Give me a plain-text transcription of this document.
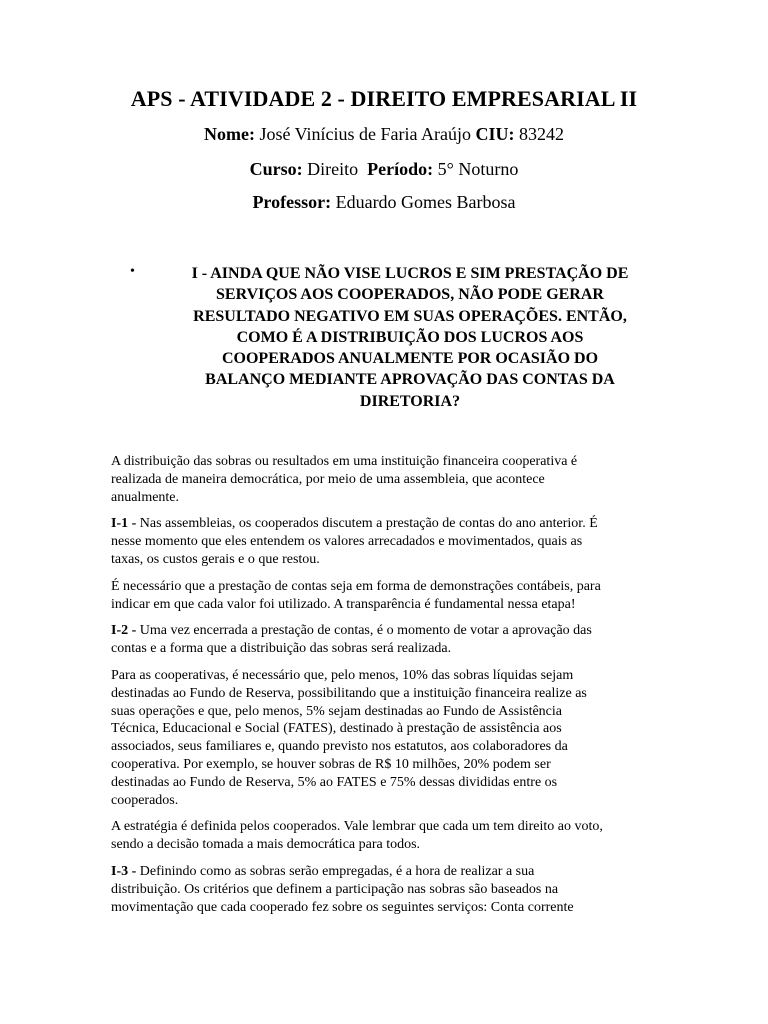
APS - ATIVIDADE 2 - DIREITO EMPRESARIAL II
Nome: José Vinícius de Faria Araújo CIU: 83242
Curso: Direito Período: 5° Noturno
Professor: Eduardo Gomes Barbosa
•	I - AINDA QUE NÃO VISE LUCROS E SIM PRESTAÇÃO DE
SERVIÇOS AOS COOPERADOS, NÃO PODE GERAR
RESULTADO NEGATIVO EM SUAS OPERAÇÕES. ENTÃO,
COMO É A DISTRIBUIÇÃO DOS LUCROS AOS
COOPERADOS ANUALMENTE POR OCASIÃO DO
BALANÇO MEDIANTE APROVAÇÃO DAS CONTAS DA
DIRETORIA?

A distribuição das sobras ou resultados em uma instituição financeira cooperativa é
realizada de maneira democrática, por meio de uma assembleia, que acontece
anualmente.

I-1 - Nas assembleias, os cooperados discutem a prestação de contas do ano anterior. É
nesse momento que eles entendem os valores arrecadados e movimentados, quais as
taxas, os custos gerais e o que restou.

É necessário que a prestação de contas seja em forma de demonstrações contábeis, para
indicar em que cada valor foi utilizado. A transparência é fundamental nessa etapa!

I-2 - Uma vez encerrada a prestação de contas, é o momento de votar a aprovação das
contas e a forma que a distribuição das sobras será realizada.

Para as cooperativas, é necessário que, pelo menos, 10% das sobras líquidas sejam
destinadas ao Fundo de Reserva, possibilitando que a instituição financeira realize as
suas operações e que, pelo menos, 5% sejam destinadas ao Fundo de Assistência
Técnica, Educacional e Social (FATES), destinado à prestação de assistência aos
associados, seus familiares e, quando previsto nos estatutos, aos colaboradores da
cooperativa. Por exemplo, se houver sobras de R$ 10 milhões, 20% podem ser
destinadas ao Fundo de Reserva, 5% ao FATES e 75% dessas divididas entre os
cooperados.

A estratégia é definida pelos cooperados. Vale lembrar que cada um tem direito ao voto,
sendo a decisão tomada a mais democrática para todos.

I-3 - Definindo como as sobras serão empregadas, é a hora de realizar a sua
distribuição. Os critérios que definem a participação nas sobras são baseados na
movimentação que cada cooperado fez sobre os seguintes serviços: Conta corrente
